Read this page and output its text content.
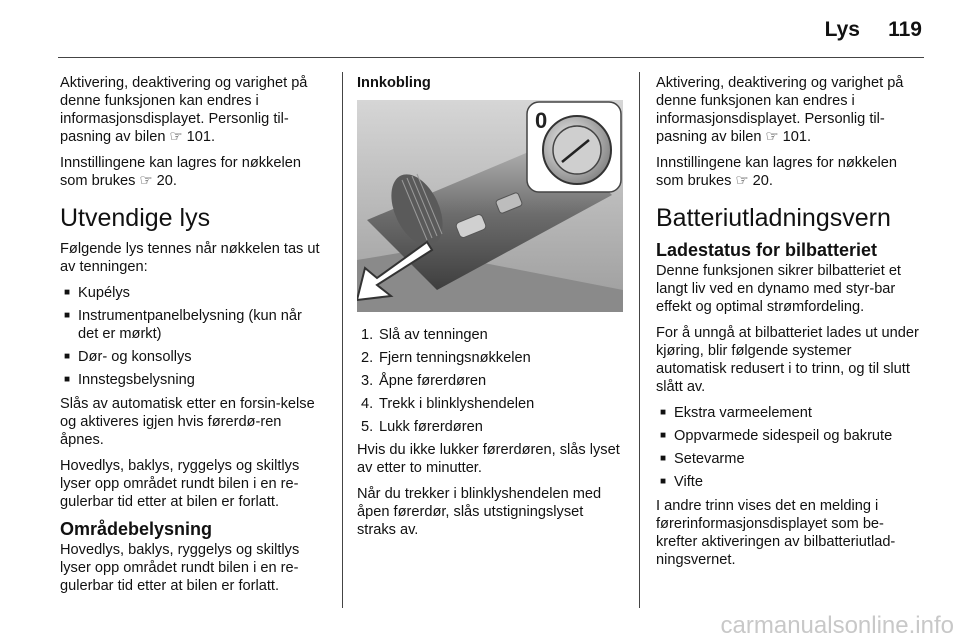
Lys 119

Aktivering, deaktivering og varighet på denne funksjonen kan endres i informasjonsdisplayet. Personlig til-pasning av bilen ☞ 101.

Innstillingene kan lagres for nøkkelen som brukes ☞ 20.

Utvendige lys

Følgende lys tennes når nøkkelen tas ut av tenningen:

■ Kupélys
■ Instrumentpanelbelysning (kun når det er mørkt)
■ Dør- og konsollys
■ Innstegsbelysning

Slås av automatisk etter en forsin-kelse og aktiveres igjen hvis førerdø-ren åpnes.

Hovedlys, baklys, ryggelys og skiltlys lyser opp området rundt bilen i en re-gulerbar tid etter at bilen er forlatt.

Områdebelysning

Hovedlys, baklys, ryggelys og skiltlys lyser opp området rundt bilen i en re-gulerbar tid etter at bilen er forlatt.

Innkobling
0
1. Slå av tenningen
2. Fjern tenningsnøkkelen
3. Åpne førerdøren
4. Trekk i blinklyshendelen
5. Lukk førerdøren

Hvis du ikke lukker førerdøren, slås lyset av etter to minutter.

Når du trekker i blinklyshendelen med åpen førerdør, slås utstigningslyset straks av.

Aktivering, deaktivering og varighet på denne funksjonen kan endres i informasjonsdisplayet. Personlig til-pasning av bilen ☞ 101.

Innstillingene kan lagres for nøkkelen som brukes ☞ 20.

Batteriutladningsvern
Ladestatus for bilbatteriet

Denne funksjonen sikrer bilbatteriet et langt liv ved en dynamo med styr-bar effekt og optimal strømfordeling.

For å unngå at bilbatteriet lades ut under kjøring, blir følgende systemer automatisk redusert i to trinn, og til slutt slått av.

■ Ekstra varmeelement
■ Oppvarmede sidespeil og bakrute
■ Setevarme
■ Vifte

I andre trinn vises det en melding i førerinformasjonsdisplayet som be-krefter aktiveringen av bilbatteriutlad-ningsvernet.

carmanualsonline.info
